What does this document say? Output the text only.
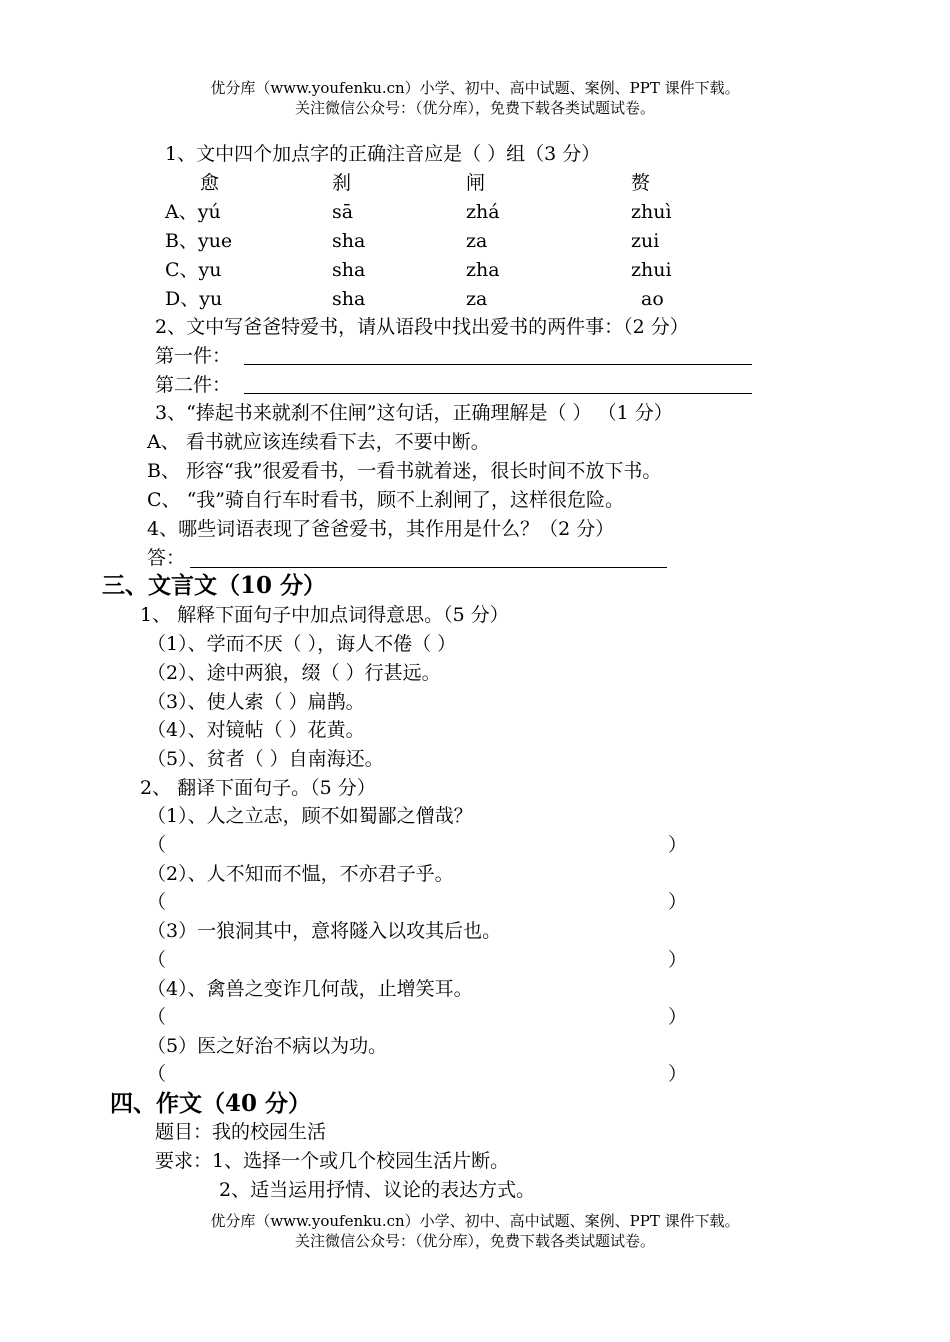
优分库（www.youfenku.cn）小学、初中、高中试题、案例、PPT 课件下载。
关注微信公众号：（优分库），免费下载各类试题试卷。
1、文中四个加点字的正确注音应是（ ）组（3 分）
愈	刹	闸	赘
A、yú	sā	zhá	zhuì
B、yue	sha	za	zui
C、yu	sha	zha	zhui
D、yu	sha	za	ao
2、文中写爸爸特爱书，请从语段中找出爱书的两件事：（2 分）
第一件：
第二件：
3、“捧起书来就刹不住闸”这句话，正确理解是（ ） （1 分）
A、 看书就应该连续看下去，不要中断。
B、 形容“我”很爱看书，一看书就着迷，很长时间不放下书。
C、 “我”骑自行车时看书，顾不上刹闸了，这样很危险。
4、哪些词语表现了爸爸爱书，其作用是什么？（2 分）
答：
三、文言文（10 分）
1、 解释下面句子中加点词得意思。（5 分）
（1）、学而不厌（ ），诲人不倦（ ）
（2）、途中两狼，缀（ ）行甚远。
（3）、使人索（ ）扁鹊。
（4）、对镜帖（ ）花黄。
（5）、贫者（ ）自南海还。
2、 翻译下面句子。（5 分）
（1）、人之立志，顾不如蜀鄙之僧哉？
（	）
（2）、人不知而不愠，不亦君子乎。
（	）
（3）一狼洞其中，意将隧入以攻其后也。
（	）
（4）、禽兽之变诈几何哉，止增笑耳。
（	）
（5）医之好治不病以为功。
（	）
四、作文（40 分）
题目：我的校园生活
要求：1、选择一个或几个校园生活片断。
2、适当运用抒情、议论的表达方式。
优分库（www.youfenku.cn）小学、初中、高中试题、案例、PPT 课件下载。
关注微信公众号：（优分库），免费下载各类试题试卷。
